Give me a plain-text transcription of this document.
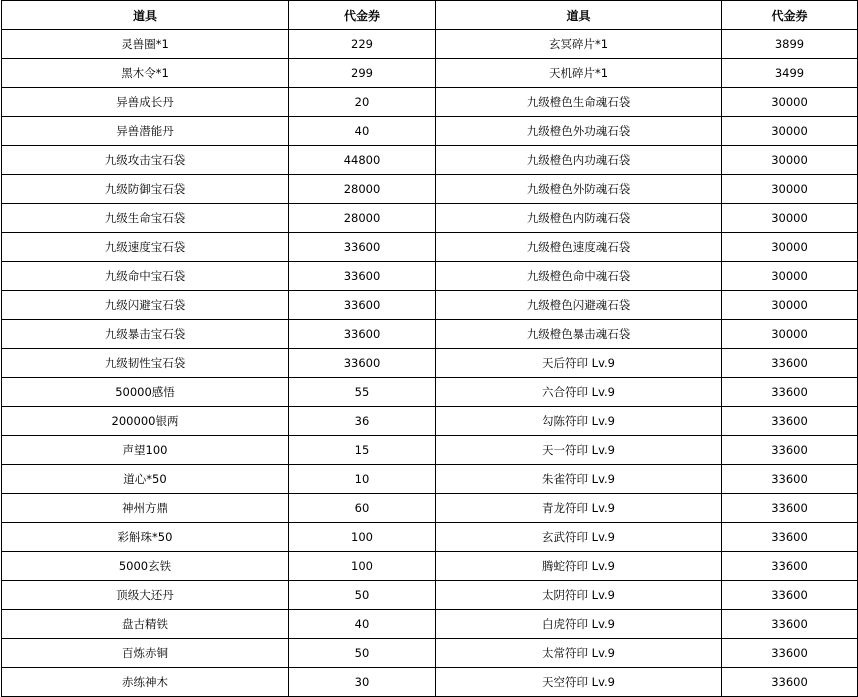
道具	代金券	道具	代金券
灵兽圈*1	229	玄冥碎片*1	3899
黑木令*1	299	天机碎片*1	3499
异兽成长丹	20	九级橙色生命魂石袋	30000
异兽潜能丹	40	九级橙色外功魂石袋	30000
九级攻击宝石袋	44800	九级橙色内功魂石袋	30000
九级防御宝石袋	28000	九级橙色外防魂石袋	30000
九级生命宝石袋	28000	九级橙色内防魂石袋	30000
九级速度宝石袋	33600	九级橙色速度魂石袋	30000
九级命中宝石袋	33600	九级橙色命中魂石袋	30000
九级闪避宝石袋	33600	九级橙色闪避魂石袋	30000
九级暴击宝石袋	33600	九级橙色暴击魂石袋	30000
九级韧性宝石袋	33600	天后符印 Lv.9	33600
50000感悟	55	六合符印 Lv.9	33600
200000银两	36	勾陈符印 Lv.9	33600
声望100	15	天一符印 Lv.9	33600
道心*50	10	朱雀符印 Lv.9	33600
神州方鼎	60	青龙符印 Lv.9	33600
彩斛珠*50	100	玄武符印 Lv.9	33600
5000玄铁	100	腾蛇符印 Lv.9	33600
顶级大还丹	50	太阴符印 Lv.9	33600
盘古精铁	40	白虎符印 Lv.9	33600
百炼赤铜	50	太常符印 Lv.9	33600
赤练神木	30	天空符印 Lv.9	33600
